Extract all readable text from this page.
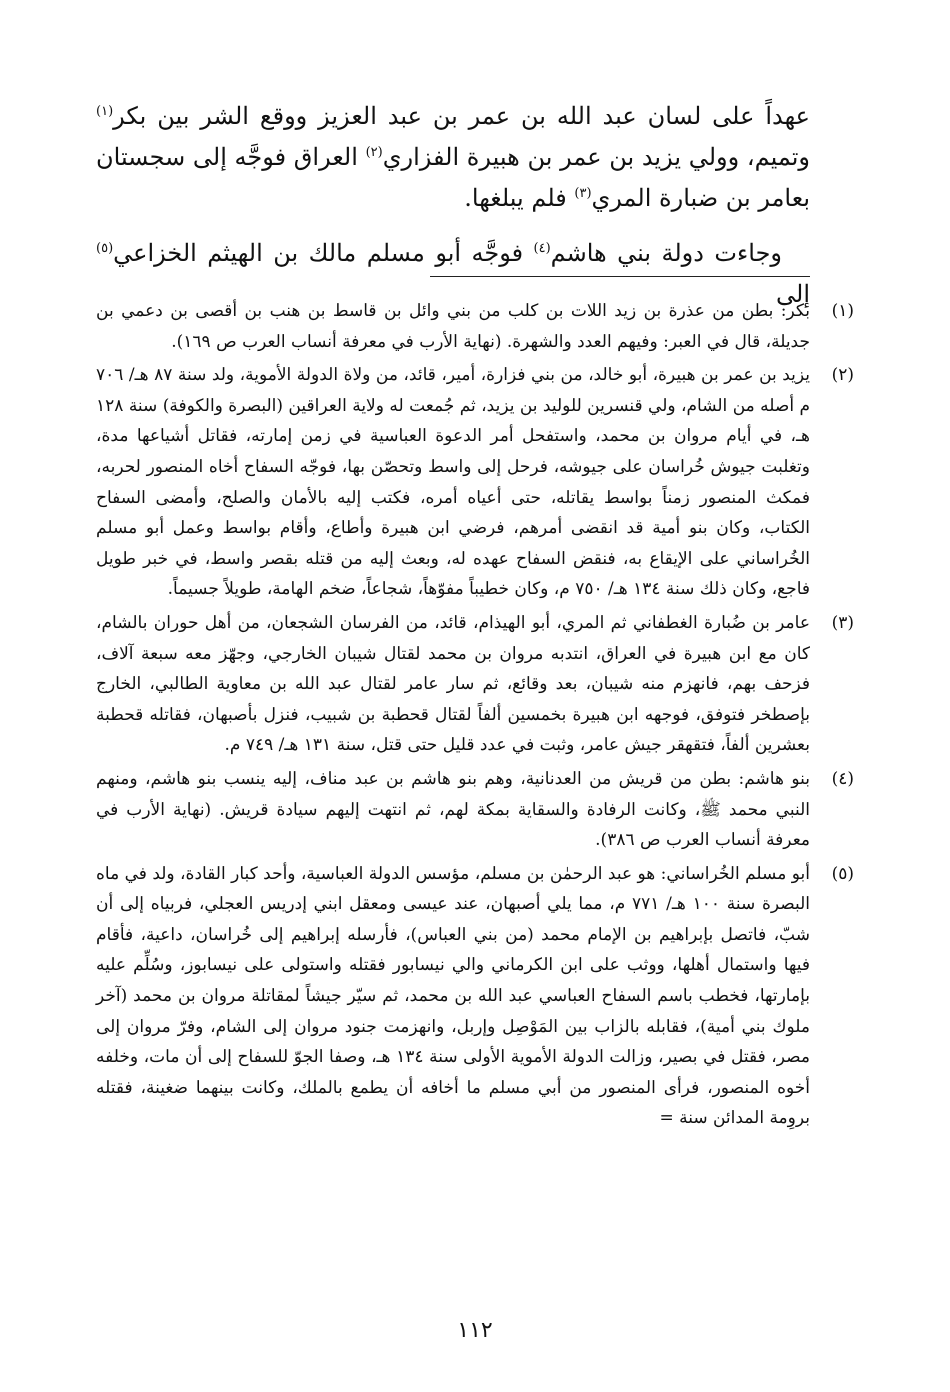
عهداً على لسان عبد الله بن عمر بن عبد العزيز ووقع الشر بين بكر$^{(١)}$ وتميم، وولي يزيد بن عمر بن هبيرة الفزاري$^{(٢)}$ العراق فوجَّه إلى سجستان بعامر بن ضبارة المري$^{(٣)}$ فلم يبلغها.

وجاءت دولة بني هاشم$^{(٤)}$ فوجَّه أبو مسلم مالك بن الهيثم الخزاعي$^{(٥)}$ إلى

(١)
بكر: بطن من عذرة بن زيد اللات بن كلب من بني وائل بن قاسط بن هنب بن أقصى بن دعمي بن جديلة، قال في العبر: وفيهم العدد والشهرة. (نهاية الأرب في معرفة أنساب العرب ص ١٦٩).
(٢)
يزيد بن عمر بن هبيرة، أبو خالد، من بني فزارة، أمير، قائد، من ولاة الدولة الأموية، ولد سنة ٨٧ هـ/ ٧٠٦ م أصله من الشام، ولي قنسرين للوليد بن يزيد، ثم جُمعت له ولاية العراقين (البصرة والكوفة) سنة ١٢٨ هـ، في أيام مروان بن محمد، واستفحل أمر الدعوة العباسية في زمن إمارته، فقاتل أشياعها مدة، وتغلبت جيوش خُراسان على جيوشه، فرحل إلى واسط وتحصّن بها، فوجّه السفاح أخاه المنصور لحربه، فمكث المنصور زمناً بواسط يقاتله، حتى أعياه أمره، فكتب إليه بالأمان والصلح، وأمضى السفاح الكتاب، وكان بنو أمية قد انقضى أمرهم، فرضي ابن هبيرة وأطاع، وأقام بواسط وعمل أبو مسلم الخُراساني على الإيقاع به، فنقض السفاح عهده له، وبعث إليه من قتله بقصر واسط، في خبر طويل فاجع، وكان ذلك سنة ١٣٤ هـ/ ٧٥٠ م، وكان خطيباً مفوّهاً، شجاعاً، ضخم الهامة، طويلاً جسيماً.
(٣)
عامر بن ضُبارة الغطفاني ثم المري، أبو الهيذام، قائد، من الفرسان الشجعان، من أهل حوران بالشام، كان مع ابن هبيرة في العراق، انتدبه مروان بن محمد لقتال شيبان الخارجي، وجهّز معه سبعة آلاف، فزحف بهم، فانهزم منه شيبان، بعد وقائع، ثم سار عامر لقتال عبد الله بن معاوية الطالبي، الخارج بإصطخر فتوفق، فوجهه ابن هبيرة بخمسين ألفاً لقتال قحطبة بن شبيب، فنزل بأصبهان، فقاتله قحطبة بعشرين ألفاً، فتقهقر جيش عامر، وثبت في عدد قليل حتى قتل، سنة ١٣١ هـ/ ٧٤٩ م.
(٤)
بنو هاشم: بطن من قريش من العدنانية، وهم بنو هاشم بن عبد مناف، إليه ينسب بنو هاشم، ومنهم النبي محمد ﷺ، وكانت الرفادة والسقاية بمكة لهم، ثم انتهت إليهم سيادة قريش. (نهاية الأرب في معرفة أنساب العرب ص ٣٨٦).
(٥)
أبو مسلم الخُراساني: هو عبد الرحمٰن بن مسلم، مؤسس الدولة العباسية، وأحد كبار القادة، ولد في ماه البصرة سنة ١٠٠ هـ/ ٧٧١ م، مما يلي أصبهان، عند عيسى ومعقل ابني إدريس العجلي، فربياه إلى أن شبّ، فاتصل بإبراهيم بن الإمام محمد (من بني العباس)، فأرسله إبراهيم إلى خُراسان، داعية، فأقام فيها واستمال أهلها، ووثب على ابن الكرماني والي نيسابور فقتله واستولى على نيسابوز، وسُلِّم عليه بإمارتها، فخطب باسم السفاح العباسي عبد الله بن محمد، ثم سيّر جيشاً لمقاتلة مروان بن محمد (آخر ملوك بني أمية)، فقابله بالزاب بين المَوْصِل وإربل، وانهزمت جنود مروان إلى الشام، وفرّ مروان إلى مصر، فقتل في بصير، وزالت الدولة الأموية الأولى سنة ١٣٤ هـ، وصفا الجوّ للسفاح إلى أن مات، وخلفه أخوه المنصور، فرأى المنصور من أبي مسلم ما أخافه أن يطمع بالملك، وكانت بينهما ضغينة، فقتله بروِمة المدائن سنة =
١١٢
